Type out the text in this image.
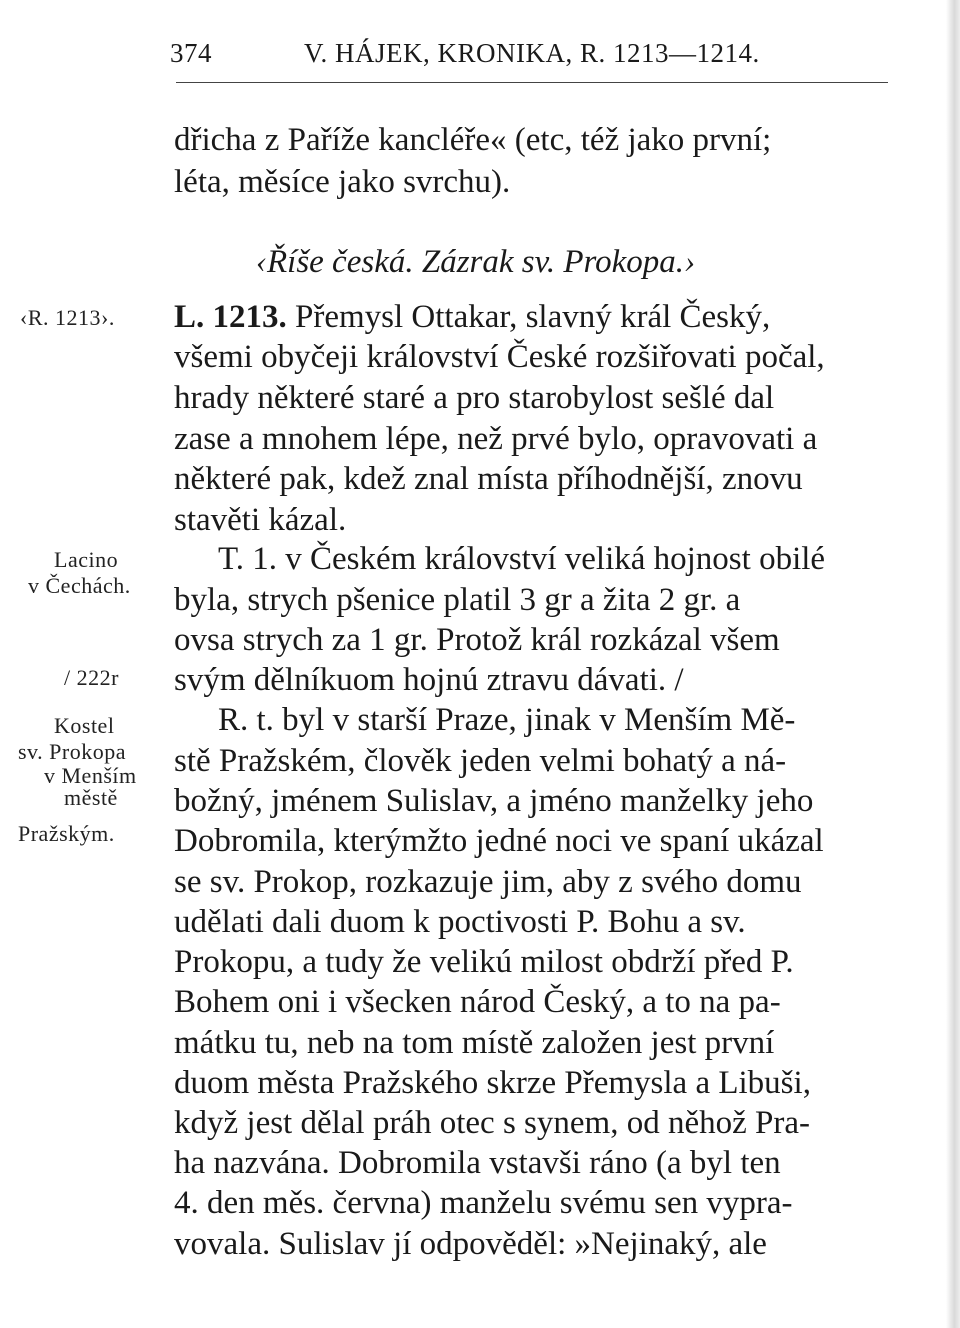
374	V. HÁJEK, KRONIKA, R. 1213—1214.
dřicha z Paříže kancléře« (etc, též jako první;
léta, měsíce jako svrchu).
‹Říše česká. Zázrak sv. Prokopa.›
L. 1213. Přemysl Ottakar, slavný král Český,
všemi obyčeji království České rozšiřovati počal,
hrady některé staré a pro starobylost sešlé dal
zase a mnohem lépe, než prvé bylo, opravovati a
některé pak, kdež znal místa příhodnější, znovu
stavěti kázal.
T. 1. v Českém království veliká hojnost obilé
byla, strych pšenice platil 3 gr a žita 2 gr. a
ovsa strych za 1 gr. Protož král rozkázal všem
svým dělníkuom hojnú ztravu dávati. /
R. t. byl v starší Praze, jinak v Menším Mě-
stě Pražském, člověk jeden velmi bohatý a ná-
božný, jménem Sulislav, a jméno manželky jeho
Dobromila, kterýmžto jedné noci ve spaní ukázal
se sv. Prokop, rozkazuje jim, aby z svého domu
udělati dali duom k poctivosti P. Bohu a sv.
Prokopu, a tudy že velikú milost obdrží před P.
Bohem oni i všecken národ Český, a to na pa-
mátku tu, neb na tom místě založen jest první
duom města Pražského skrze Přemysla a Libuši,
když jest dělal práh otec s synem, od něhož Pra-
ha nazvána. Dobromila vstavši ráno (a byl ten
4. den měs. června) manželu svému sen vypra-
vovala. Sulislav jí odpověděl: »Nejinaký, ale
‹R. 1213›.
Lacino
v Čechách.
/ 222r
Kostel
sv. Prokopa
v Menším
městě
Pražským.
